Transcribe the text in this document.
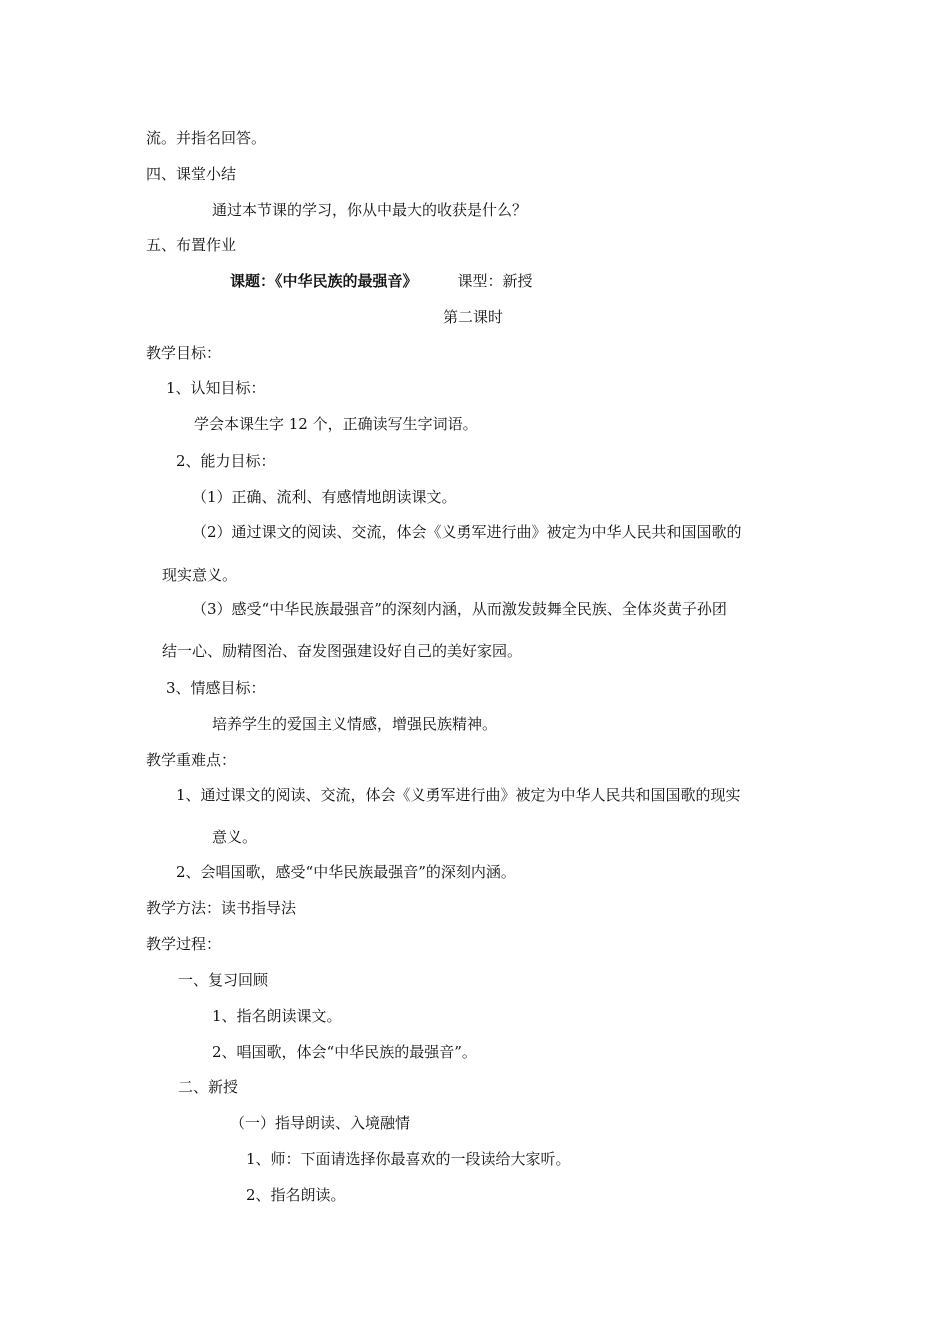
流。并指名回答。
四、课堂小结
通过本节课的学习，你从中最大的收获是什么？
五、布置作业
课题：《中华民族的最强音》	课型：新授
第二课时
教学目标：
1、认知目标：
学会本课生字 12 个，正确读写生字词语。
2、能力目标：
（1）正确、流利、有感情地朗读课文。
（2）通过课文的阅读、交流，体会《义勇军进行曲》被定为中华人民共和国国歌的
现实意义。
（3）感受“中华民族最强音”的深刻内涵，从而激发鼓舞全民族、全体炎黄子孙团
结一心、励精图治、奋发图强建设好自己的美好家园。
3、情感目标：
培养学生的爱国主义情感，增强民族精神。
教学重难点：
1、通过课文的阅读、交流，体会《义勇军进行曲》被定为中华人民共和国国歌的现实
意义。
2、会唱国歌，感受“中华民族最强音”的深刻内涵。
教学方法：读书指导法
教学过程：
一、复习回顾
1、指名朗读课文。
2、唱国歌，体会“中华民族的最强音”。
二、新授
（一）指导朗读、入境融情
1、师：下面请选择你最喜欢的一段读给大家听。
2、指名朗读。
